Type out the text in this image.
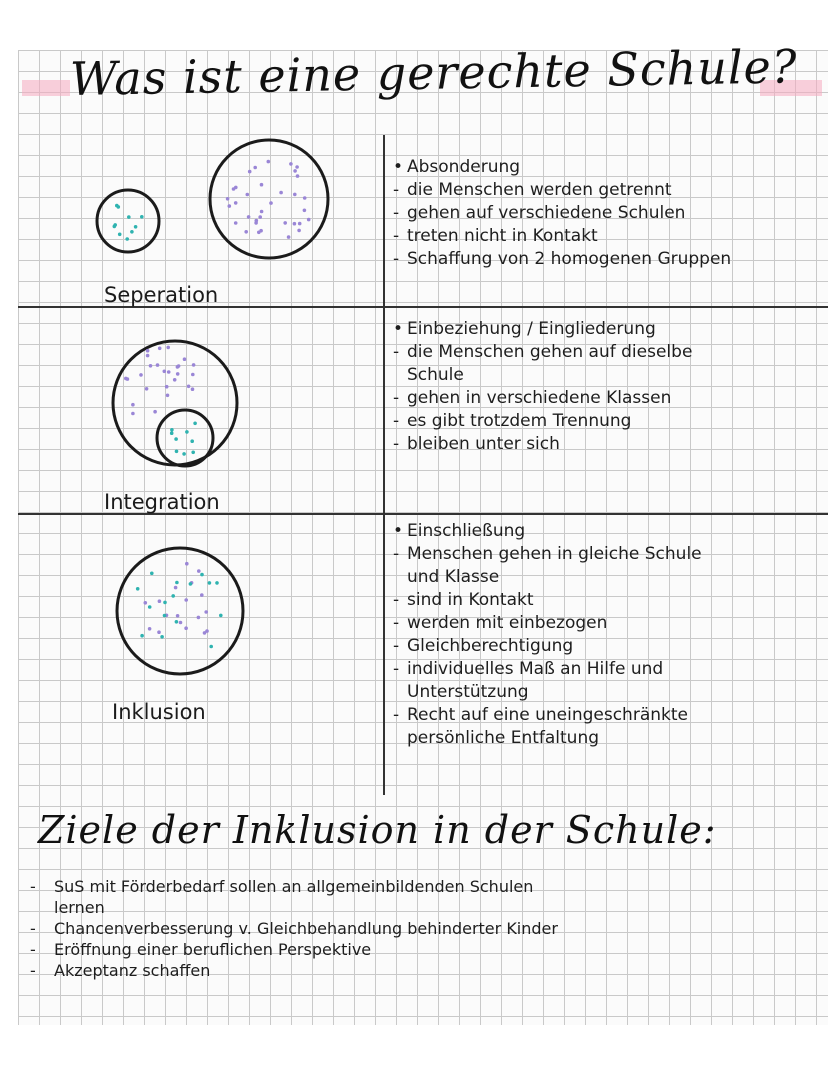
Was ist eine gerechte Schule?
Seperation
Integration
Inklusion
• Absonderung
- die Menschen werden getrennt
- gehen auf verschiedene Schulen
- treten nicht in Kontakt
- Schaffung von 2 homogenen Gruppen
• Einbeziehung / Eingliederung
- die Menschen gehen auf dieselbe
Schule
- gehen in verschiedene Klassen
- es gibt trotzdem Trennung
- bleiben unter sich
• Einschließung
- Menschen gehen in gleiche Schule
und Klasse
- sind in Kontakt
- werden mit einbezogen
- Gleichberechtigung
- individuelles Maß an Hilfe und
Unterstützung
- Recht auf eine uneingeschränkte
persönliche Entfaltung
Ziele der Inklusion in der Schule:
- SuS mit Förderbedarf sollen an allgemeinbildenden Schulen
lernen
- Chancenverbesserung v. Gleichbehandlung behinderter Kinder
- Eröffnung einer beruflichen Perspektive
- Akzeptanz schaffen
